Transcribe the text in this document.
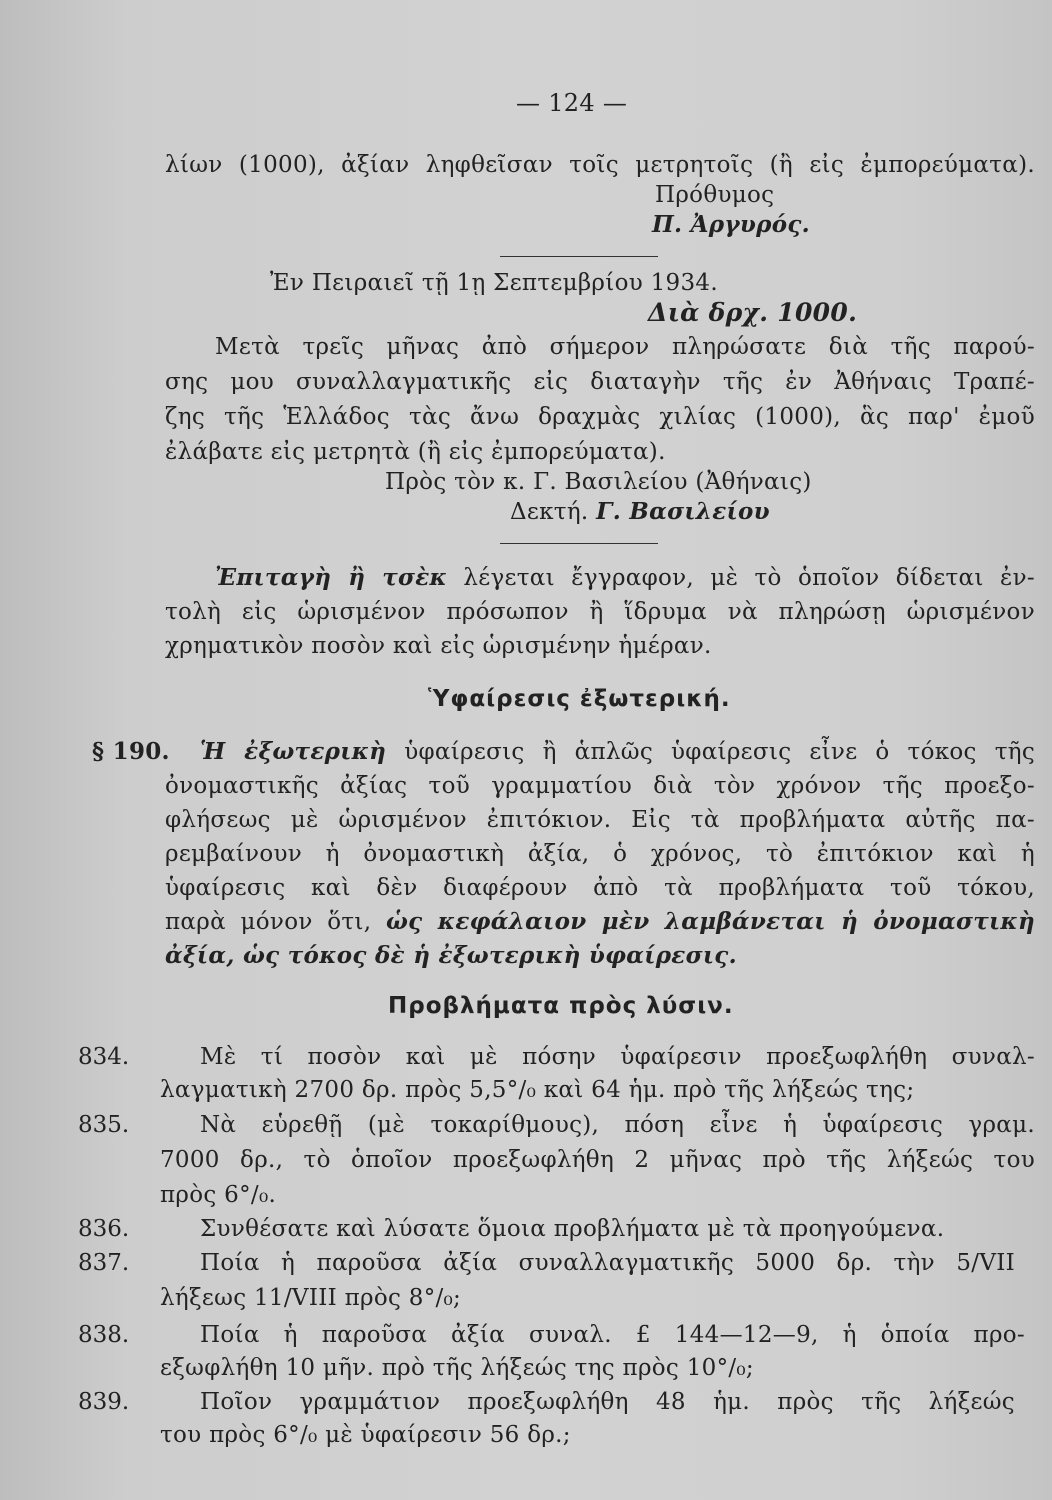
— 124 —
λίων (1000), ἀξίαν ληφθεῖσαν τοῖς μετρητοῖς (ἢ εἰς ἐμπορεύματα).
Πρόθυμος
Π. Ἀργυρός.
Ἐν Πειραιεῖ τῇ 1ῃ Σεπτεμβρίου 1934.
Διὰ δρχ. 1000.
Μετὰ τρεῖς μῆνας ἀπὸ σήμερον πληρώσατε διὰ τῆς παρού-
σης μου συναλλαγματικῆς εἰς διαταγὴν τῆς ἐν Ἀθήναις Τραπέ-
ζης τῆς Ἑλλάδος τὰς ἄνω δραχμὰς χιλίας (1000), ἃς παρ' ἐμοῦ
ἐλάβατε εἰς μετρητὰ (ἢ εἰς ἐμπορεύματα).
Πρὸς τὸν κ. Γ. Βασιλείου (Ἀθήναις)
Δεκτή. Γ. Βασιλείου
Ἐπιταγὴ ἢ τσὲκ λέγεται ἔγγραφον, μὲ τὸ ὁποῖον δίδεται ἐν-
τολὴ εἰς ὡρισμένον πρόσωπον ἢ ἵδρυμα νὰ πληρώσῃ ὡρισμένον
χρηματικὸν ποσὸν καὶ εἰς ὡρισμένην ἡμέραν.
Ὑφαίρεσις ἐξωτερική.
§ 190. Ἡ ἐξωτερικὴ ὑφαίρεσις ἢ ἁπλῶς ὑφαίρεσις εἶνε ὁ τόκος τῆς
ὀνομαστικῆς ἀξίας τοῦ γραμματίου διὰ τὸν χρόνον τῆς προεξο-
φλήσεως μὲ ὡρισμένον ἐπιτόκιον. Εἰς τὰ προβλήματα αὐτῆς πα-
ρεμβαίνουν ἡ ὀνομαστικὴ ἀξία, ὁ χρόνος, τὸ ἐπιτόκιον καὶ ἡ
ὑφαίρεσις καὶ δὲν διαφέρουν ἀπὸ τὰ προβλήματα τοῦ τόκου,
παρὰ μόνον ὅτι, ὡς κεφάλαιον μὲν λαμβάνεται ἡ ὀνομαστικὴ
ἀξία, ὡς τόκος δὲ ἡ ἐξωτερικὴ ὑφαίρεσις.
Προβλήματα πρὸς λύσιν.
834.	Μὲ τί ποσὸν καὶ μὲ πόσην ὑφαίρεσιν προεξωφλήθη συναλ-
λαγματικὴ 2700 δρ. πρὸς 5,5°/₀ καὶ 64 ἡμ. πρὸ τῆς λήξεώς της;
835.	Νὰ εὑρεθῇ (μὲ τοκαρίθμους), πόση εἶνε ἡ ὑφαίρεσις γραμ.
7000 δρ., τὸ ὁποῖον προεξωφλήθη 2 μῆνας πρὸ τῆς λήξεώς του
πρὸς 6°/₀.
836.	Συνθέσατε καὶ λύσατε ὅμοια προβλήματα μὲ τὰ προηγούμενα.
837.	Ποία ἡ παροῦσα ἀξία συναλλαγματικῆς 5000 δρ. τὴν 5/VII
λήξεως 11/VIII πρὸς 8°/₀;
838.	Ποία ἡ παροῦσα ἀξία συναλ. £ 144—12—9, ἡ ὁποία προ-
εξωφλήθη 10 μῆν. πρὸ τῆς λήξεώς της πρὸς 10°/₀;
839.	Ποῖον γραμμάτιον προεξωφλήθη 48 ἡμ. πρὸς τῆς λήξεώς
του πρὸς 6°/₀ μὲ ὑφαίρεσιν 56 δρ.;
